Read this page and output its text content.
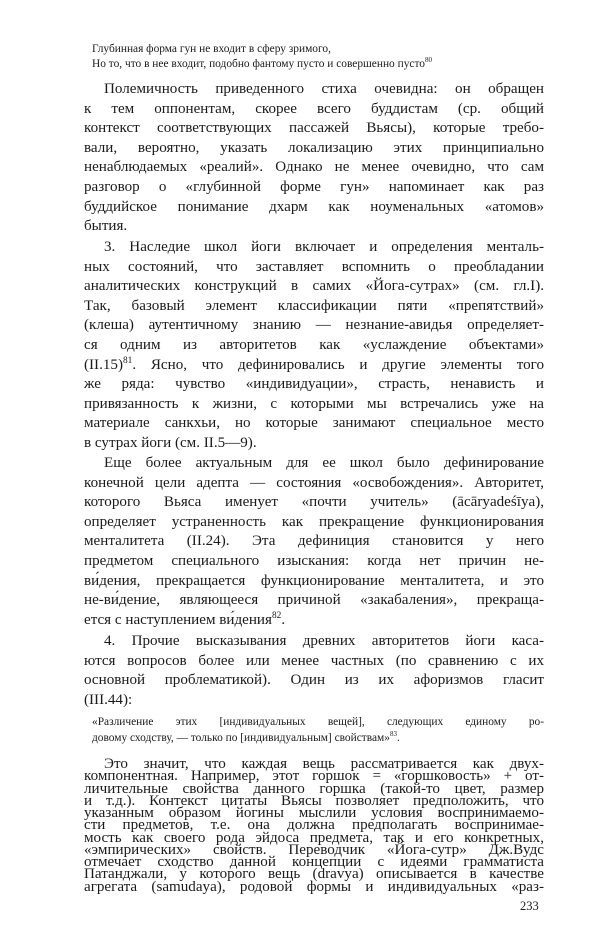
Глубинная форма гун не входит в сферу зримого,
Но то, что в нее входит, подобно фантому пусто и совершенно пусто$^{80}$
Полемичность приведенного стиха очевидна: он обращен
к тем оппонентам, скорее всего буддистам (ср. общий
контекст соответствующих пассажей Вьясы), которые требо-
вали, вероятно, указать локализацию этих принципиально
ненаблюдаемых «реалий». Однако не менее очевидно, что сам
разговор о «глубинной форме гун» напоминает как раз
буддийское понимание дхарм как ноуменальных «атомов»
бытия.
3. Наследие школ йоги включает и определения менталь-
ных состояний, что заставляет вспомнить о преобладании
аналитических конструкций в самих «Йога-сутрах» (см. гл.I).
Так, базовый элемент классификации пяти «препятствий»
(клеша) аутентичному знанию — незнание-авидья определяет-
ся одним из авторитетов как «услаждение объектами»
$(II.15)^{81}$. Ясно, что дефинировались и другие элементы того
же ряда: чувство «индивидуации», страсть, ненависть и
привязанность к жизни, с которыми мы встречались уже на
материале санкхьи, но которые занимают специальное место
в сутрах йоги (см. II.5—9).
Еще более актуальным для ее школ было дефинирование
конечной цели адепта — состояния «освобождения». Авторитет,
которого Вьяса именует «почти учитель» (ācāryadeśīya),
определяет устраненность как прекращение функционирования
менталитета (II.24). Эта дефиниция становится у него
предметом специального изыскания: когда нет причин не-
ви́дения, прекращается функционирование менталитета, и это
не-ви́дение, являющееся причиной «закабаления», прекраща-
ется с наступлением ви́дения$^{82}$.
4. Прочие высказывания древних авторитетов йоги каса-
ются вопросов более или менее частных (по сравнению с их
основной проблематикой). Один из их афоризмов гласит
(III.44):
«Различение этих [индивидуальных вещей], следующих единому ро-
довому сходству, — только по [индивидуальным] свойствам»$^{83}$.
Это значит, что каждая вещь рассматривается как двух-
компонентная. Например, этот горшок = «горшковость» + от-
личительные свойства данного горшка (такой-то цвет, размер
и т.д.). Контекст цитаты Вьясы позволяет предположить, что
указанным образом йогины мыслили условия воспринимаемо-
сти предметов, т.е. она должна предполагать воспринимае-
мость как своего рода эйдоса предмета, так и его конкретных,
«эмпирических» свойств. Переводчик «Йога-сутр» Дж.Вудс
отмечает сходство данной концепции с идеями грамматиста
Патанджали, у которого вещь (dravya) описывается в качестве
агрегата (samudaya), родовой формы и индивидуальных «раз-
233
